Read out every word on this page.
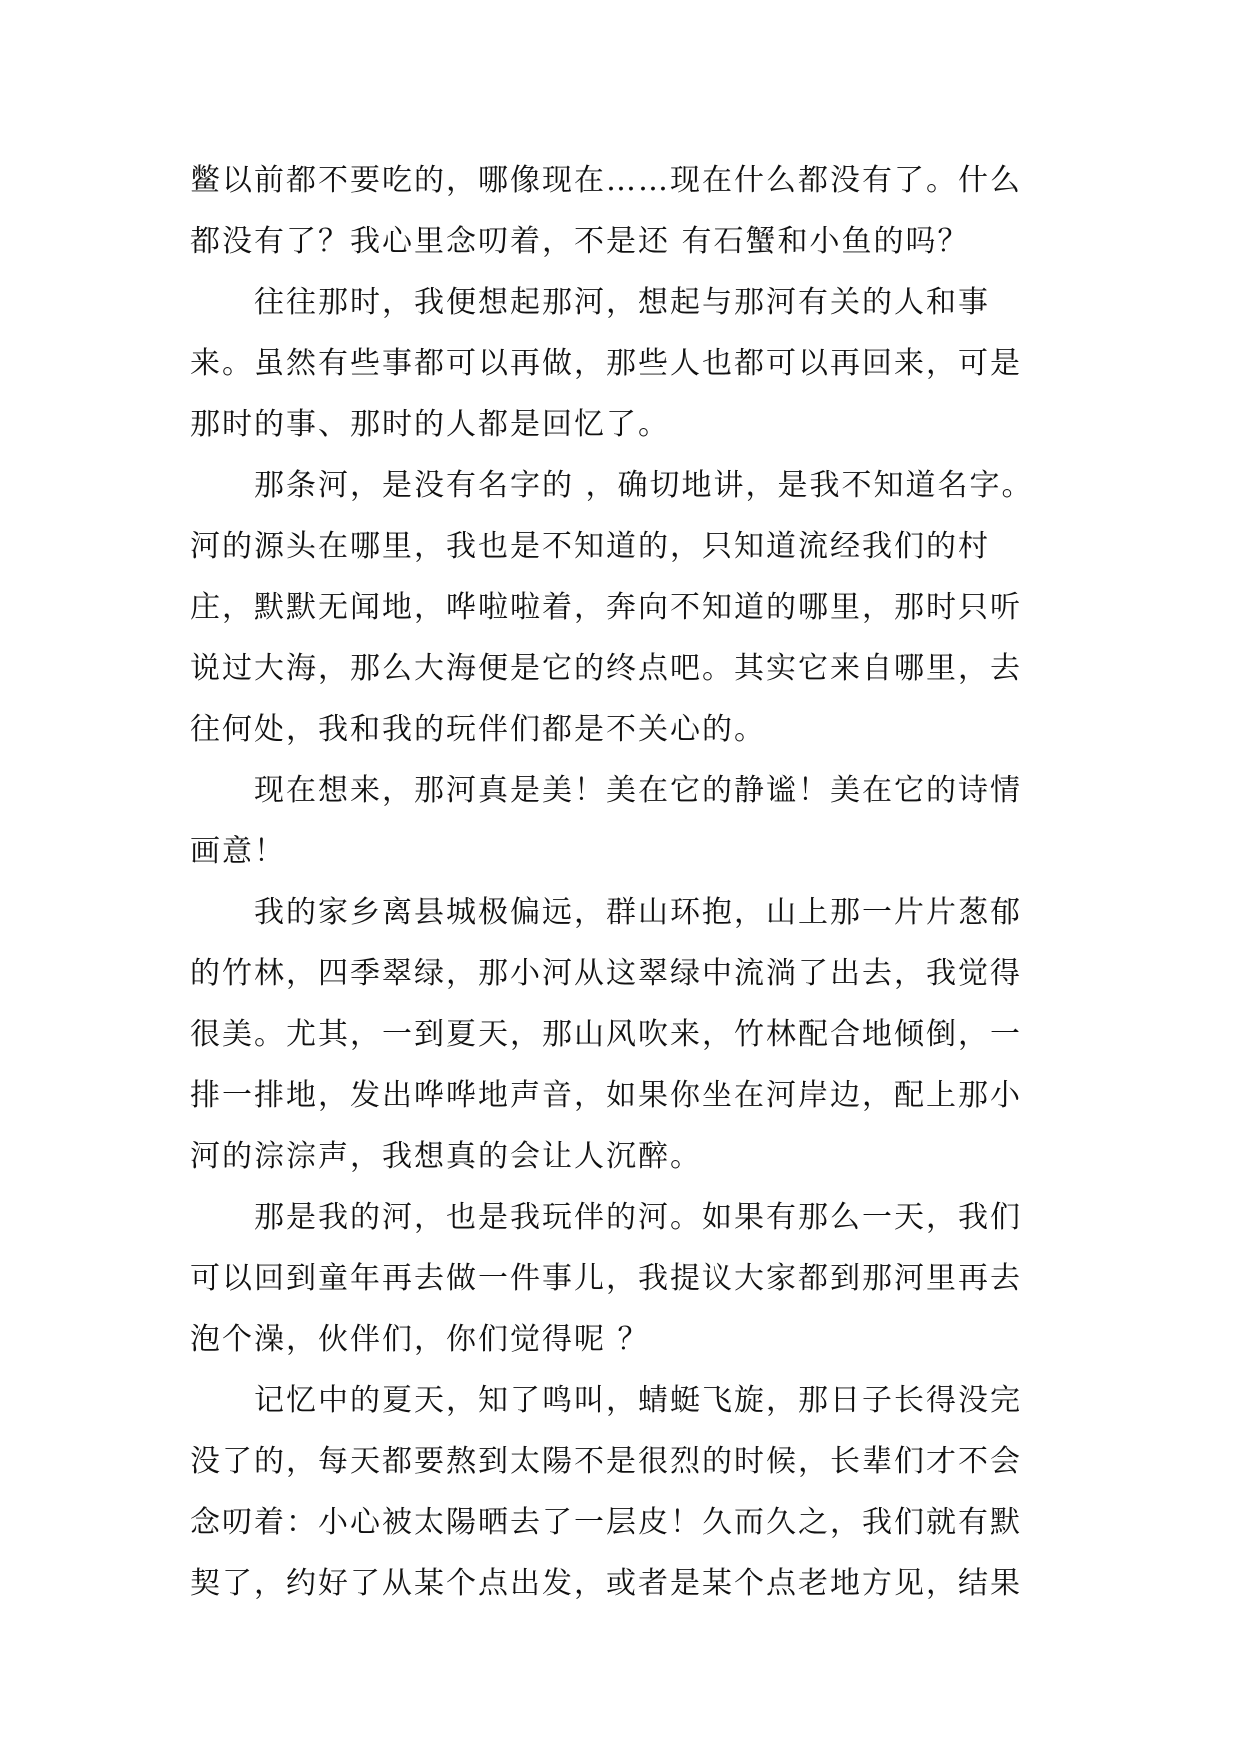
鳖以前都不要吃的，哪像现在……现在什么都没有了。什么都没有了？我心里念叨着，不是还 有石蟹和小鱼的吗？

往往那时，我便想起那河，想起与那河有关的人和事来。虽然有些事都可以再做，那些人也都可以再回来，可是那时的事、那时的人都是回忆了。

那条河，是没有名字的 ，确切地讲，是我不知道名字。河的源头在哪里，我也是不知道的，只知道流经我们的村庄，默默无闻地，哗啦啦着，奔向不知道的哪里，那时只听说过大海，那么大海便是它的终点吧。其实它来自哪里，去往何处，我和我的玩伴们都是不关心的。

现在想来，那河真是美！美在它的静谧！美在它的诗情画意！

我的家乡离县城极偏远，群山环抱，山上那一片片葱郁的竹林，四季翠绿，那小河从这翠绿中流淌了出去，我觉得很美。尤其，一到夏天，那山风吹来，竹林配合地倾倒，一排一排地，发出哗哗地声音，如果你坐在河岸边，配上那小河的淙淙声，我想真的会让人沉醉。

那是我的河，也是我玩伴的河。如果有那么一天，我们可以回到童年再去做一件事儿，我提议大家都到那河里再去泡个澡，伙伴们，你们觉得呢 ？

记忆中的夏天，知了鸣叫，蜻蜓飞旋，那日子长得没完没了的，每天都要熬到太陽不是很烈的时候，长辈们才不会念叨着：小心被太陽晒去了一层皮！久而久之，我们就有默契了，约好了从某个点出发，或者是某个点老地方见，结果
